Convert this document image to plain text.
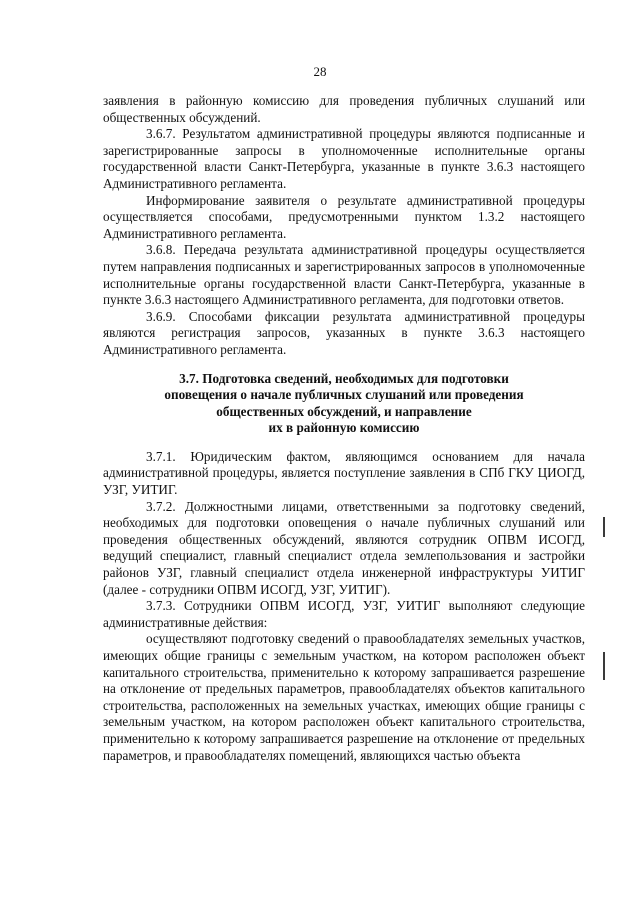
28

заявления в районную комиссию для проведения публичных слушаний или общественных обсуждений.

3.6.7. Результатом административной процедуры являются подписанные и зарегистрированные запросы в уполномоченные исполнительные органы государственной власти Санкт-Петербурга, указанные в пункте 3.6.3 настоящего Административного регламента.

Информирование заявителя о результате административной процедуры осуществляется способами, предусмотренными пунктом 1.3.2 настоящего Административного регламента.

3.6.8. Передача результата административной процедуры осуществляется путем направления подписанных и зарегистрированных запросов в уполномоченные исполнительные органы государственной власти Санкт-Петербурга, указанные в пункте 3.6.3 настоящего Административного регламента, для подготовки ответов.

3.6.9. Способами фиксации результата административной процедуры являются регистрация запросов, указанных в пункте 3.6.3 настоящего Административного регламента.

3.7. Подготовка сведений, необходимых для подготовки
оповещения о начале публичных слушаний или проведения
общественных обсуждений, и направление
их в районную комиссию

3.7.1. Юридическим фактом, являющимся основанием для начала административной процедуры, является поступление заявления в СПб ГКУ ЦИОГД, УЗГ, УИТИГ.

3.7.2. Должностными лицами, ответственными за подготовку сведений, необходимых для подготовки оповещения о начале публичных слушаний или проведения общественных обсуждений, являются сотрудник ОПВМ ИСОГД, ведущий специалист, главный специалист отдела землепользования и застройки районов УЗГ, главный специалист отдела инженерной инфраструктуры УИТИГ (далее - сотрудники ОПВМ ИСОГД, УЗГ, УИТИГ).

3.7.3. Сотрудники ОПВМ ИСОГД, УЗГ, УИТИГ выполняют следующие административные действия:

осуществляют подготовку сведений о правообладателях земельных участков, имеющих общие границы с земельным участком, на котором расположен объект капитального строительства, применительно к которому запрашивается разрешение на отклонение от предельных параметров, правообладателях объектов капитального строительства, расположенных на земельных участках, имеющих общие границы с земельным участком, на котором расположен объект капитального строительства, применительно к которому запрашивается разрешение на отклонение от предельных параметров, и правообладателях помещений, являющихся частью объекта
